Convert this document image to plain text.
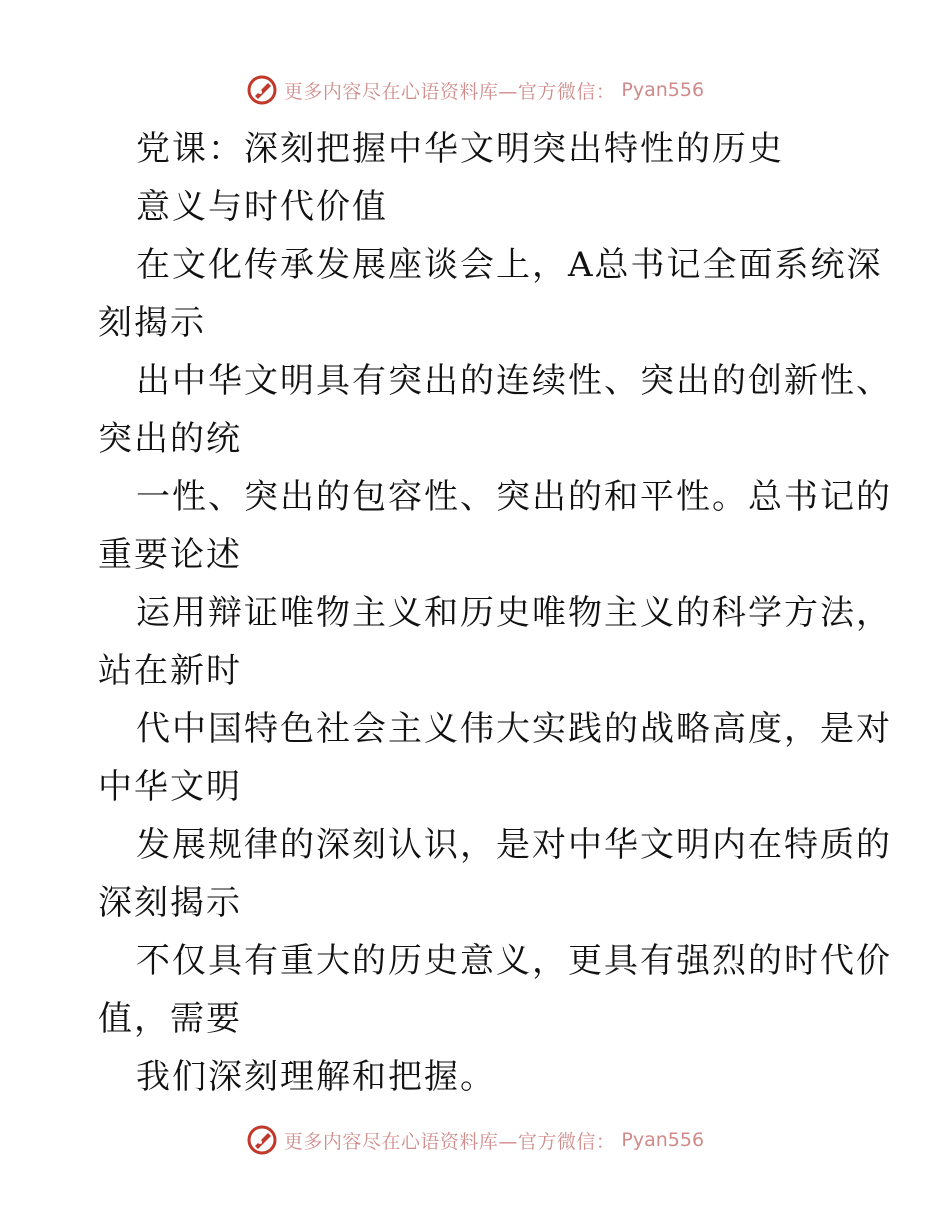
更多内容尽在心语资料库—官方微信： Pyan556
党课：深刻把握中华文明突出特性的历史
意义与时代价值
在文化传承发展座谈会上，A总书记全面系统深
刻揭示
出中华文明具有突出的连续性、突出的创新性、
突出的统
一性、突出的包容性、突出的和平性。总书记的
重要论述
运用辩证唯物主义和历史唯物主义的科学方法，
站在新时
代中国特色社会主义伟大实践的战略高度，是对
中华文明
发展规律的深刻认识，是对中华文明内在特质的
深刻揭示
不仅具有重大的历史意义，更具有强烈的时代价
值，需要
我们深刻理解和把握。
更多内容尽在心语资料库—官方微信： Pyan556
